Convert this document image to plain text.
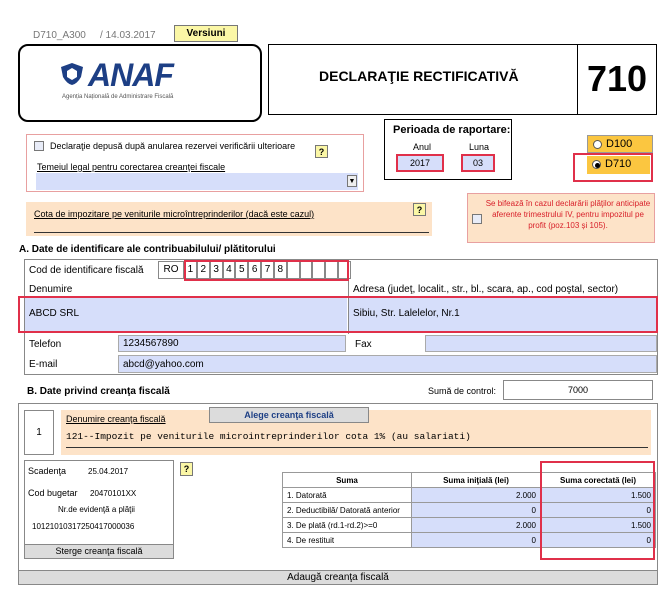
D710_A300 / 14.03.2017	Versiuni
ANAF
Agenția Națională de Administrare Fiscală
DECLARAŢIE RECTIFICATIVĂ 710
Perioada de raportare:
Anul	Luna
2017	03
D100
D710
Declaraţie depusă după anularea rezervei verificării ulterioare
?
Temeiul legal pentru corectarea creanţei fiscale
▼
Cota de impozitare pe veniturile microîntreprinderilor (dacă este cazul)	?
Se bifează în cazul declarării plăţilor anticipate aferente trimestrului IV, pentru impozitul pe profit (poz.103 și 105).
A. Date de identificare ale contribuabilului/ plătitorului
Cod de identificare fiscală	RO 1 2 3 4 5 6 7 8
Denumire	Adresa (judeţ, localit., str., bl., scara, ap., cod poştal, sector)
ABCD SRL	Sibiu, Str. Lalelelor, Nr.1
Telefon	1234567890	Fax
E-mail	abcd@yahoo.com
B. Date privind creanţa fiscală	Sumă de control:	7000
1
Denumire creanţa fiscală	Alege creanţa fiscală
121--Impozit pe veniturile microintreprinderilor cota 1% (au salariati)
Scadenţa	25.04.2017	?
Cod bugetar 20470101XX
Nr.de evidenţă a plăţii
10121010317250417000036
Sterge creanţa fiscală
Suma	Suma iniţială (lei)	Suma corectată (lei)
1. Datorată	2.000	1.500
2. Deductibilă/ Datorată anterior	0	0
3. De plată (rd.1-rd.2)>=0	2.000	1.500
4. De restituit	0	0
Adaugă creanţa fiscală
